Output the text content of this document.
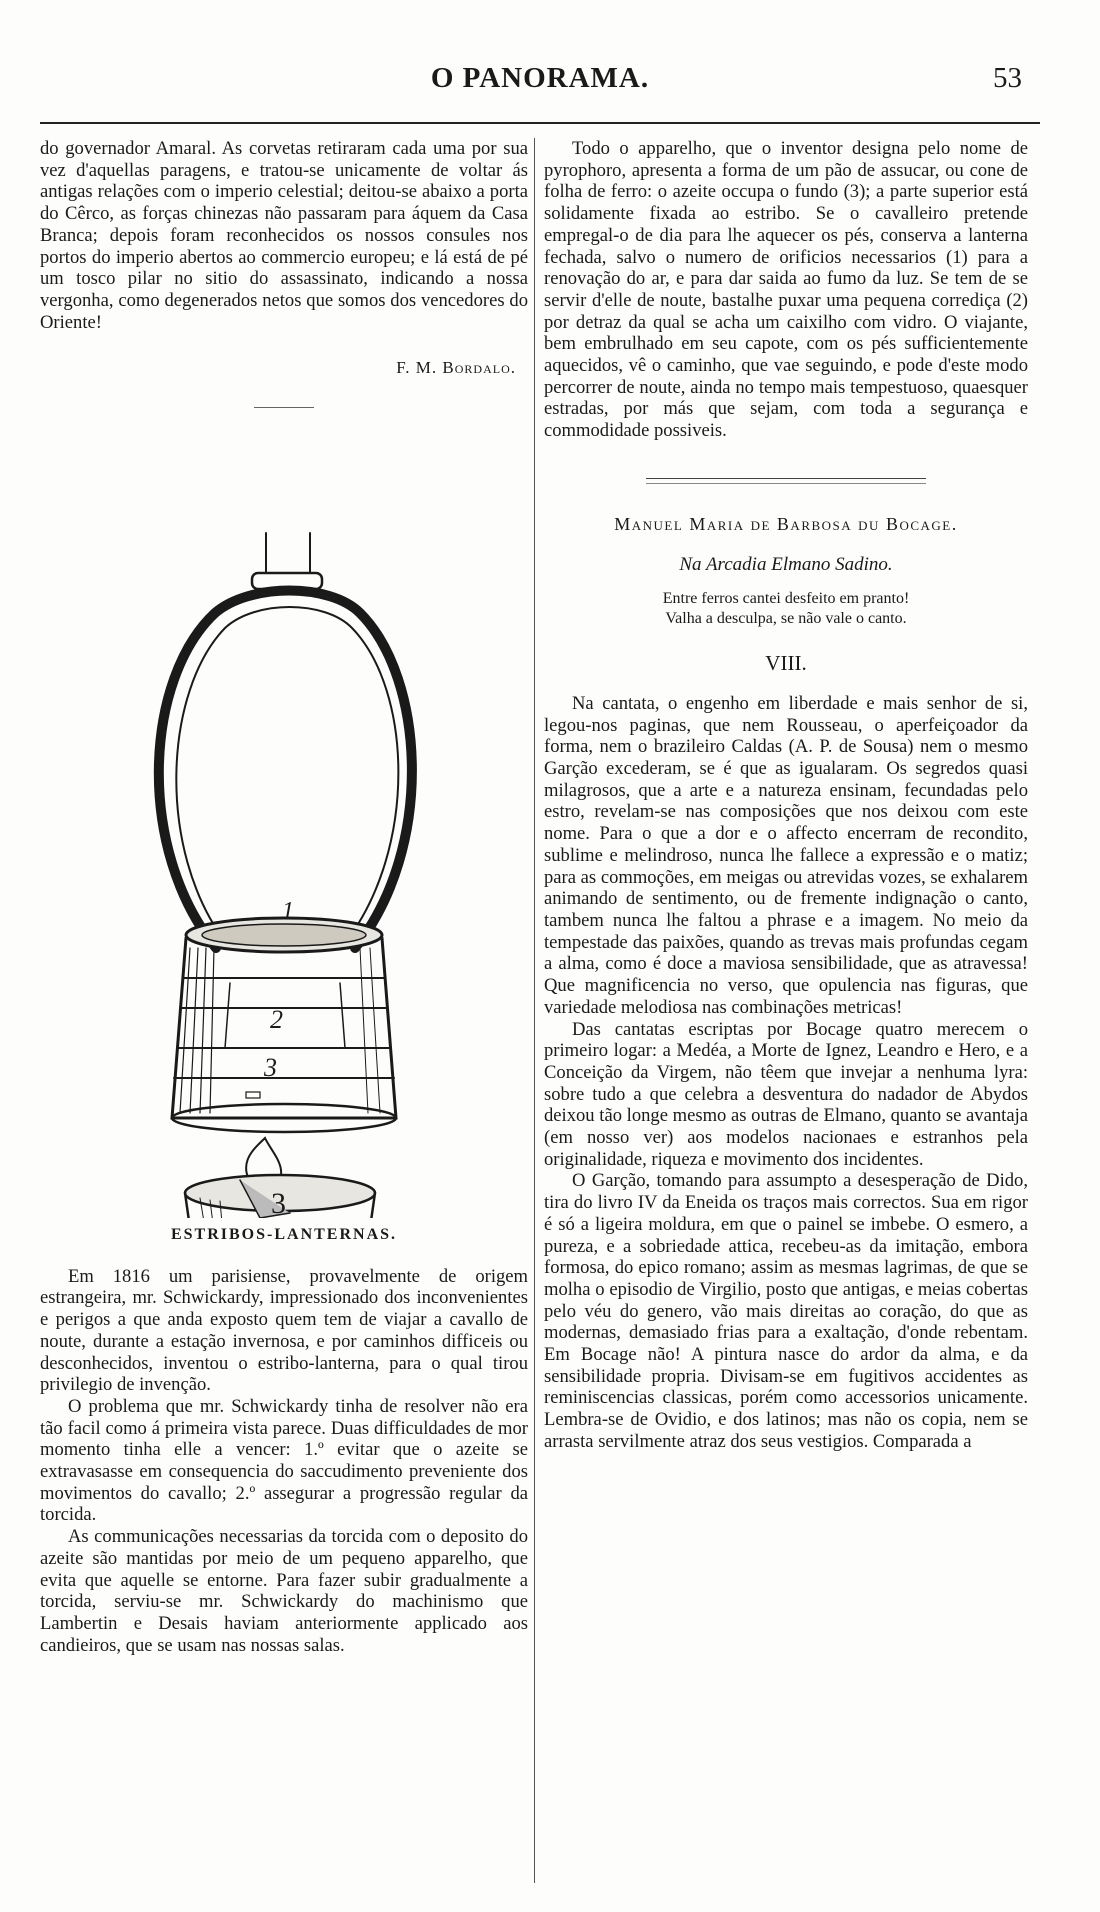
O PANORAMA.	53

do governador Amaral. As corvetas retiraram cada uma por sua vez d'aquellas paragens, e tratou-se unicamente de voltar ás antigas relações com o imperio celestial; deitou-se abaixo a porta do Cêrco, as forças chinezas não passaram para áquem da Casa Branca; depois foram reconhecidos os nossos consules nos portos do imperio abertos ao commercio europeu; e lá está de pé um tosco pilar no sitio do assassinato, indicando a nossa vergonha, como degenerados netos que somos dos vencedores do Oriente!

F. M. Bordalo.
1
2
3
3
ESTRIBOS-LANTERNAS.

Em 1816 um parisiense, provavelmente de origem estrangeira, mr. Schwickardy, impressionado dos inconvenientes e perigos a que anda exposto quem tem de viajar a cavallo de noute, durante a estação invernosa, e por caminhos difficeis ou desconhecidos, inventou o estribo-lanterna, para o qual tirou privilegio de invenção.

O problema que mr. Schwickardy tinha de resolver não era tão facil como á primeira vista parece. Duas difficuldades de mor momento tinha elle a vencer: 1.º evitar que o azeite se extravasasse em consequencia do saccudimento preveniente dos movimentos do cavallo; 2.º assegurar a progressão regular da torcida.

As communicações necessarias da torcida com o deposito do azeite são mantidas por meio de um pequeno apparelho, que evita que aquelle se entorne. Para fazer subir gradualmente a torcida, serviu-se mr. Schwickardy do machinismo que Lambertin e Desais haviam anteriormente applicado aos candieiros, que se usam nas nossas salas.

Todo o apparelho, que o inventor designa pelo nome de pyrophoro, apresenta a forma de um pão de assucar, ou cone de folha de ferro: o azeite occupa o fundo (3); a parte superior está solidamente fixada ao estribo. Se o cavalleiro pretende empregal-o de dia para lhe aquecer os pés, conserva a lanterna fechada, salvo o numero de orificios necessarios (1) para a renovação do ar, e para dar saida ao fumo da luz. Se tem de se servir d'elle de noute, bastalhe puxar uma pequena corrediça (2) por detraz da qual se acha um caixilho com vidro. O viajante, bem embrulhado em seu capote, com os pés sufficientemente aquecidos, vê o caminho, que vae seguindo, e pode d'este modo percorrer de noute, ainda no tempo mais tempestuoso, quaesquer estradas, por más que sejam, com toda a segurança e commodidade possiveis.

Manuel Maria de Barbosa du Bocage.
Na Arcadia Elmano Sadino.
Entre ferros cantei desfeito em pranto!
Valha a desculpa, se não vale o canto.
VIII.

Na cantata, o engenho em liberdade e mais senhor de si, legou-nos paginas, que nem Rousseau, o aperfeiçoador da forma, nem o brazileiro Caldas (A. P. de Sousa) nem o mesmo Garção excederam, se é que as igualaram. Os segredos quasi milagrosos, que a arte e a natureza ensinam, fecundadas pelo estro, revelam-se nas composições que nos deixou com este nome. Para o que a dor e o affecto encerram de recondito, sublime e melindroso, nunca lhe fallece a expressão e o matiz; para as commoções, em meigas ou atrevidas vozes, se exhalarem animando de sentimento, ou de fremente indignação o canto, tambem nunca lhe faltou a phrase e a imagem. No meio da tempestade das paixões, quando as trevas mais profundas cegam a alma, como é doce a maviosa sensibilidade, que as atravessa! Que magnificencia no verso, que opulencia nas figuras, que variedade melodiosa nas combinações metricas!

Das cantatas escriptas por Bocage quatro merecem o primeiro logar: a Medéa, a Morte de Ignez, Leandro e Hero, e a Conceição da Virgem, não têem que invejar a nenhuma lyra: sobre tudo a que celebra a desventura do nadador de Abydos deixou tão longe mesmo as outras de Elmano, quanto se avantaja (em nosso ver) aos modelos nacionaes e estranhos pela originalidade, riqueza e movimento dos incidentes.

O Garção, tomando para assumpto a desesperação de Dido, tira do livro IV da Eneida os traços mais correctos. Sua em rigor é só a ligeira moldura, em que o painel se imbebe. O esmero, a pureza, e a sobriedade attica, recebeu-as da imitação, embora formosa, do epico romano; assim as mesmas lagrimas, de que se molha o episodio de Virgilio, posto que antigas, e meias cobertas pelo véu do genero, vão mais direitas ao coração, do que as modernas, demasiado frias para a exaltação, d'onde rebentam. Em Bocage não! A pintura nasce do ardor da alma, e da sensibilidade propria. Divisam-se em fugitivos accidentes as reminiscencias classicas, porém como accessorios unicamente. Lembra-se de Ovidio, e dos latinos; mas não os copia, nem se arrasta servilmente atraz dos seus vestigios. Comparada a
